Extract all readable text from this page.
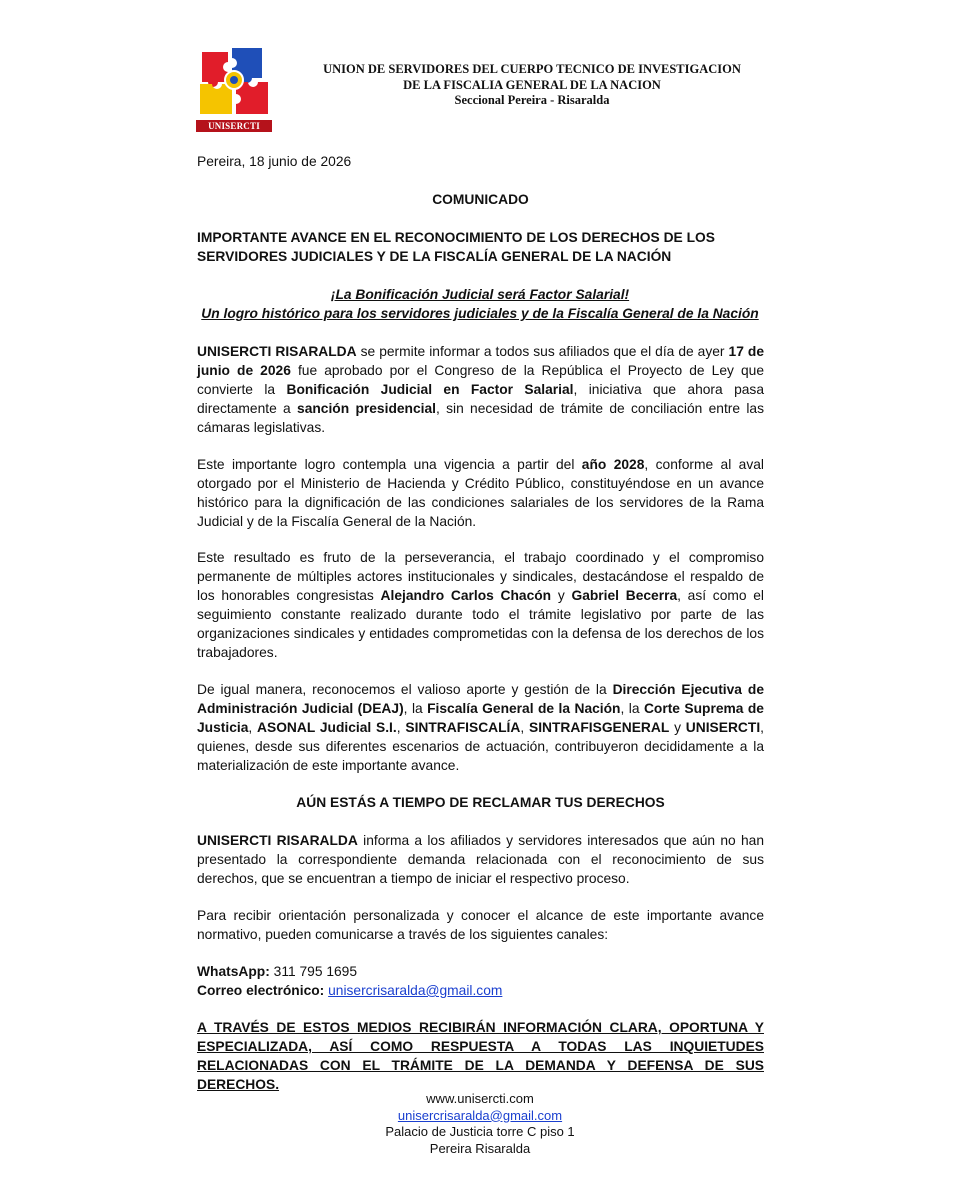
UNISERCTI
UNION DE SERVIDORES DEL CUERPO TECNICO DE INVESTIGACION
DE LA FISCALIA GENERAL DE LA NACION
Seccional Pereira - Risaralda
Pereira, 18 junio de 2026
COMUNICADO
IMPORTANTE AVANCE EN EL RECONOCIMIENTO DE LOS DERECHOS DE LOS SERVIDORES JUDICIALES Y DE LA FISCALÍA GENERAL DE LA NACIÓN
¡La Bonificación Judicial será Factor Salarial!
Un logro histórico para los servidores judiciales y de la Fiscalía General de la Nación
UNISERCTI RISARALDA se permite informar a todos sus afiliados que el día de ayer 17 de junio de 2026 fue aprobado por el Congreso de la República el Proyecto de Ley que convierte la Bonificación Judicial en Factor Salarial, iniciativa que ahora pasa directamente a sanción presidencial, sin necesidad de trámite de conciliación entre las cámaras legislativas.
Este importante logro contempla una vigencia a partir del año 2028, conforme al aval otorgado por el Ministerio de Hacienda y Crédito Público, constituyéndose en un avance histórico para la dignificación de las condiciones salariales de los servidores de la Rama Judicial y de la Fiscalía General de la Nación.
Este resultado es fruto de la perseverancia, el trabajo coordinado y el compromiso permanente de múltiples actores institucionales y sindicales, destacándose el respaldo de los honorables congresistas Alejandro Carlos Chacón y Gabriel Becerra, así como el seguimiento constante realizado durante todo el trámite legislativo por parte de las organizaciones sindicales y entidades comprometidas con la defensa de los derechos de los trabajadores.
De igual manera, reconocemos el valioso aporte y gestión de la Dirección Ejecutiva de Administración Judicial (DEAJ), la Fiscalía General de la Nación, la Corte Suprema de Justicia, ASONAL Judicial S.I., SINTRAFISCALÍA, SINTRAFISGENERAL y UNISERCTI, quienes, desde sus diferentes escenarios de actuación, contribuyeron decididamente a la materialización de este importante avance.
AÚN ESTÁS A TIEMPO DE RECLAMAR TUS DERECHOS
UNISERCTI RISARALDA informa a los afiliados y servidores interesados que aún no han presentado la correspondiente demanda relacionada con el reconocimiento de sus derechos, que se encuentran a tiempo de iniciar el respectivo proceso.
Para recibir orientación personalizada y conocer el alcance de este importante avance normativo, pueden comunicarse a través de los siguientes canales:
WhatsApp: 311 795 1695
Correo electrónico: unisercrisaralda@gmail.com
A TRAVÉS DE ESTOS MEDIOS RECIBIRÁN INFORMACIÓN CLARA, OPORTUNA Y ESPECIALIZADA, ASÍ COMO RESPUESTA A TODAS LAS INQUIETUDES RELACIONADAS CON EL TRÁMITE DE LA DEMANDA Y DEFENSA DE SUS DERECHOS.
www.unisercti.com
unisercrisaralda@gmail.com
Palacio de Justicia torre C piso 1
Pereira Risaralda
